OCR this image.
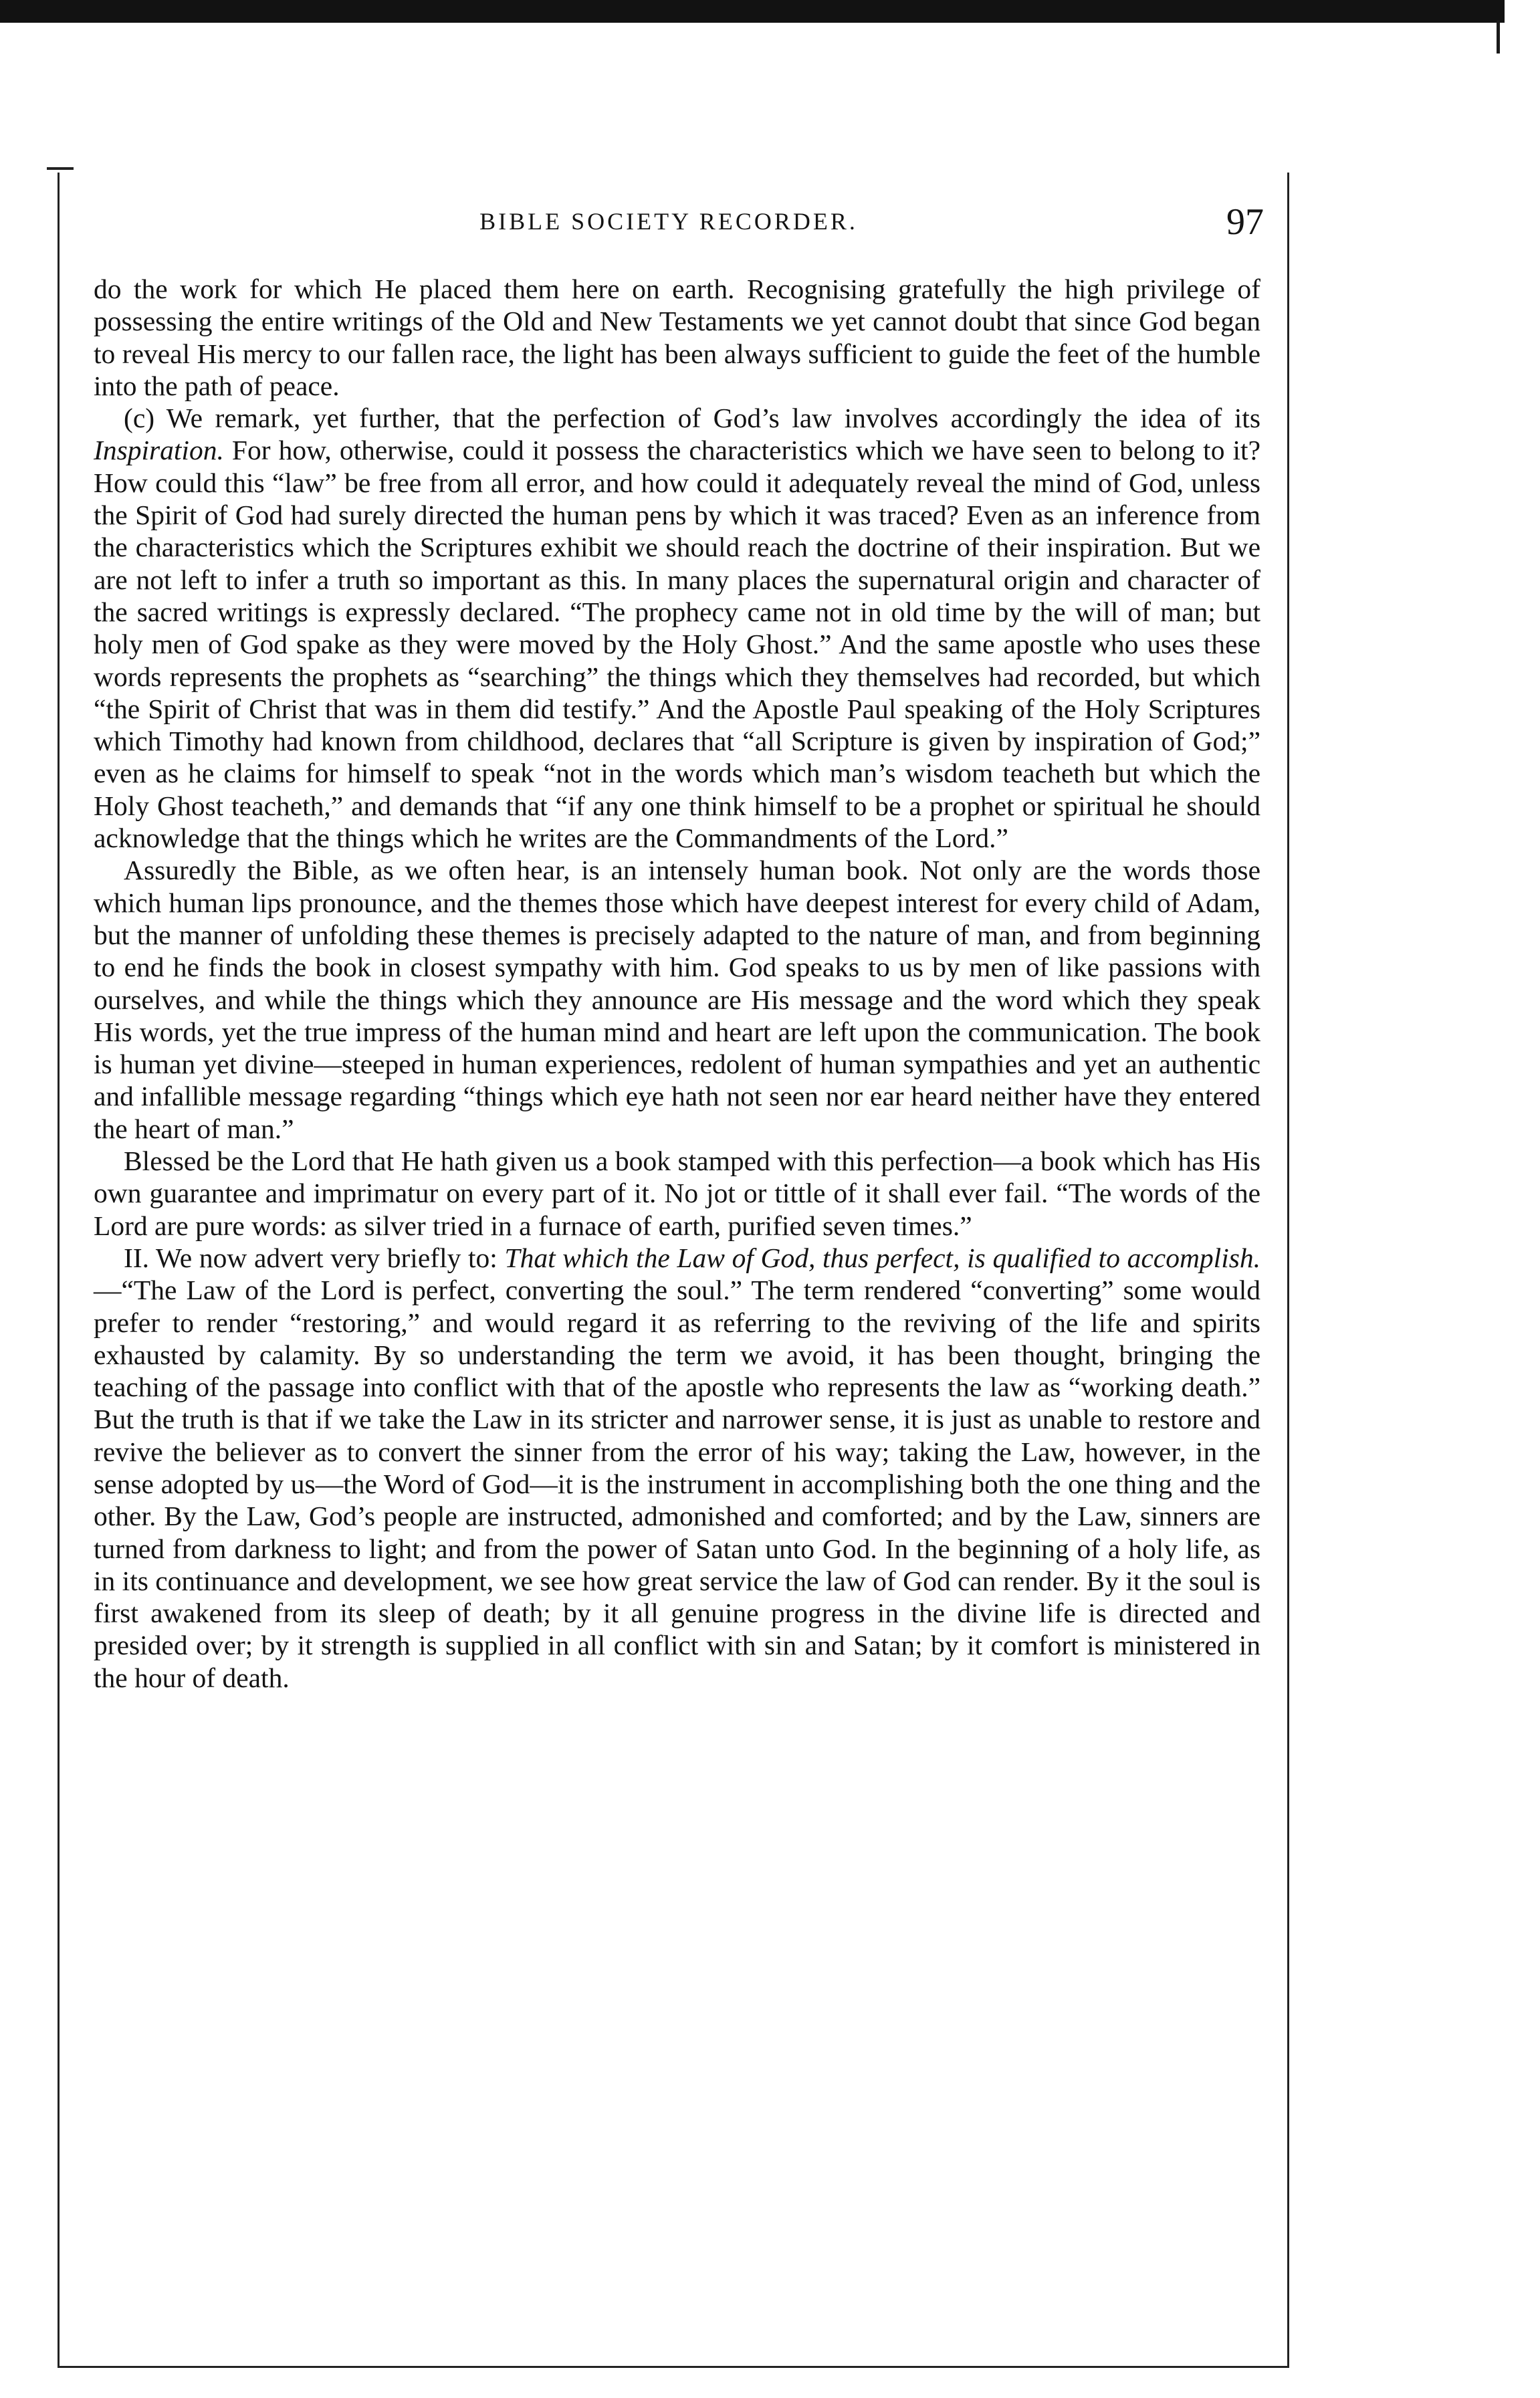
BIBLE SOCIETY RECORDER.	97

do the work for which He placed them here on earth. Recognising gratefully the high privilege of possessing the entire writings of the Old and New Testaments we yet cannot doubt that since God began to reveal His mercy to our fallen race, the light has been always sufficient to guide the feet of the humble into the path of peace.

(c) We remark, yet further, that the perfection of God’s law involves accordingly the idea of its Inspiration. For how, otherwise, could it possess the characteristics which we have seen to belong to it? How could this “law” be free from all error, and how could it adequately reveal the mind of God, unless the Spirit of God had surely directed the human pens by which it was traced? Even as an inference from the characteristics which the Scriptures exhibit we should reach the doctrine of their inspiration. But we are not left to infer a truth so important as this. In many places the supernatural origin and character of the sacred writings is expressly declared. “The prophecy came not in old time by the will of man; but holy men of God spake as they were moved by the Holy Ghost.” And the same apostle who uses these words represents the prophets as “searching” the things which they themselves had recorded, but which “the Spirit of Christ that was in them did testify.” And the Apostle Paul speaking of the Holy Scriptures which Timothy had known from childhood, declares that “all Scripture is given by inspiration of God;” even as he claims for himself to speak “not in the words which man’s wisdom teacheth but which the Holy Ghost teacheth,” and demands that “if any one think himself to be a prophet or spiritual he should acknowledge that the things which he writes are the Commandments of the Lord.”

Assuredly the Bible, as we often hear, is an intensely human book. Not only are the words those which human lips pronounce, and the themes those which have deepest interest for every child of Adam, but the manner of unfolding these themes is precisely adapted to the nature of man, and from beginning to end he finds the book in closest sympathy with him. God speaks to us by men of like passions with ourselves, and while the things which they announce are His message and the word which they speak His words, yet the true impress of the human mind and heart are left upon the communication. The book is human yet divine—steeped in human experiences, redolent of human sympathies and yet an authentic and infallible message regarding “things which eye hath not seen nor ear heard neither have they entered the heart of man.”

Blessed be the Lord that He hath given us a book stamped with this perfection—a book which has His own guarantee and imprimatur on every part of it. No jot or tittle of it shall ever fail. “The words of the Lord are pure words: as silver tried in a furnace of earth, purified seven times.”

II. We now advert very briefly to: That which the Law of God, thus perfect, is qualified to accomplish.—“The Law of the Lord is perfect, converting the soul.” The term rendered “converting” some would prefer to render “restoring,” and would regard it as referring to the reviving of the life and spirits exhausted by calamity. By so understanding the term we avoid, it has been thought, bringing the teaching of the passage into conflict with that of the apostle who represents the law as “working death.” But the truth is that if we take the Law in its stricter and narrower sense, it is just as unable to restore and revive the believer as to convert the sinner from the error of his way; taking the Law, however, in the sense adopted by us—the Word of God—it is the instrument in accomplishing both the one thing and the other. By the Law, God’s people are instructed, admonished and comforted; and by the Law, sinners are turned from darkness to light; and from the power of Satan unto God. In the beginning of a holy life, as in its continuance and development, we see how great service the law of God can render. By it the soul is first awakened from its sleep of death; by it all genuine progress in the divine life is directed and presided over; by it strength is supplied in all conflict with sin and Satan; by it comfort is ministered in the hour of death.
